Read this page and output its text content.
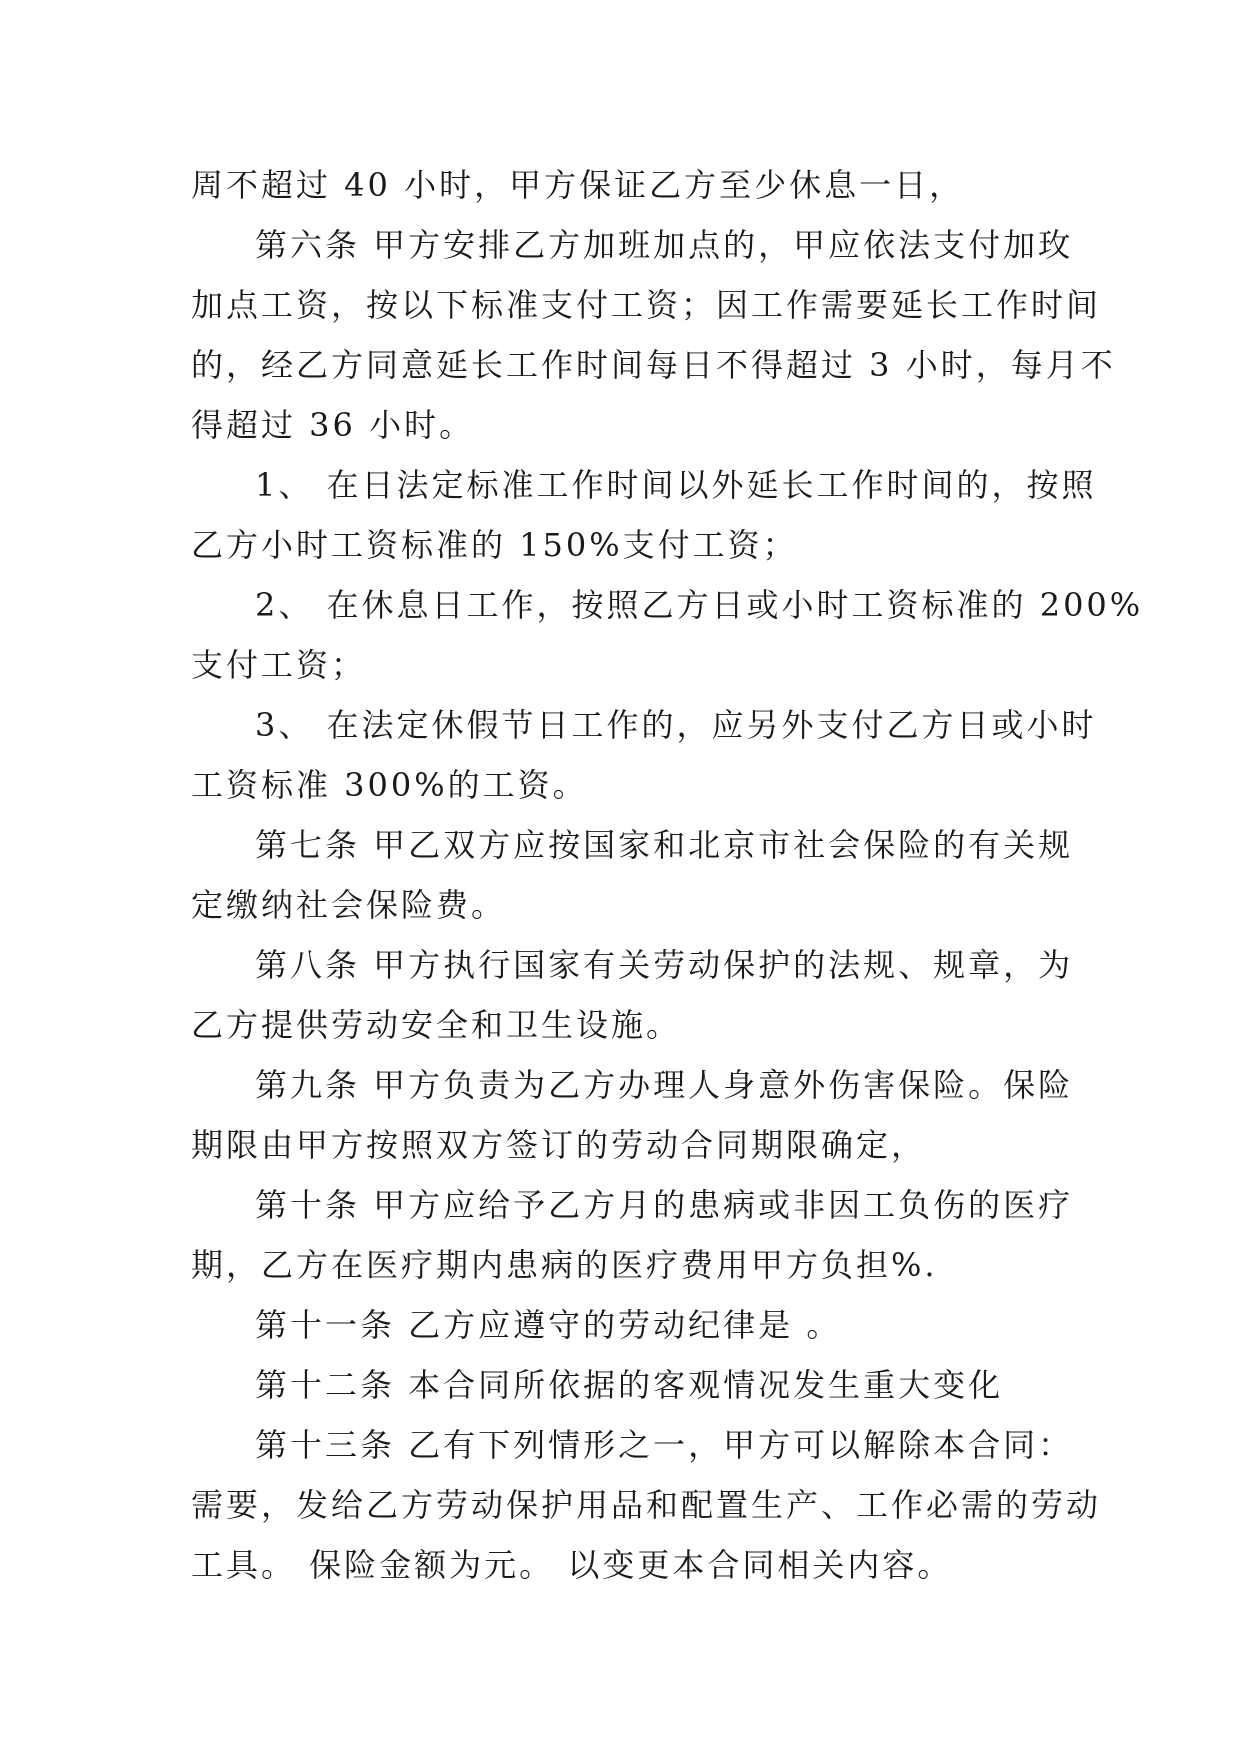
周不超过 40 小时，甲方保证乙方至少休息一日，
第六条 甲方安排乙方加班加点的，甲应依法支付加玫
加点工资，按以下标准支付工资；因工作需要延长工作时间
的，经乙方同意延长工作时间每日不得超过 3 小时，每月不
得超过 36 小时。
1、 在日法定标准工作时间以外延长工作时间的，按照
乙方小时工资标准的 150%支付工资；
2、 在休息日工作，按照乙方日或小时工资标准的 200%
支付工资；
3、 在法定休假节日工作的，应另外支付乙方日或小时
工资标准 300%的工资。
第七条 甲乙双方应按国家和北京市社会保险的有关规
定缴纳社会保险费。
第八条 甲方执行国家有关劳动保护的法规、规章，为
乙方提供劳动安全和卫生设施。
第九条 甲方负责为乙方办理人身意外伤害保险。保险
期限由甲方按照双方签订的劳动合同期限确定，
第十条 甲方应给予乙方月的患病或非因工负伤的医疗
期，乙方在医疗期内患病的医疗费用甲方负担%.
第十一条 乙方应遵守的劳动纪律是 。
第十二条 本合同所依据的客观情况发生重大变化
第十三条 乙有下列情形之一，甲方可以解除本合同：
需要，发给乙方劳动保护用品和配置生产、工作必需的劳动
工具。 保险金额为元。 以变更本合同相关内容。
